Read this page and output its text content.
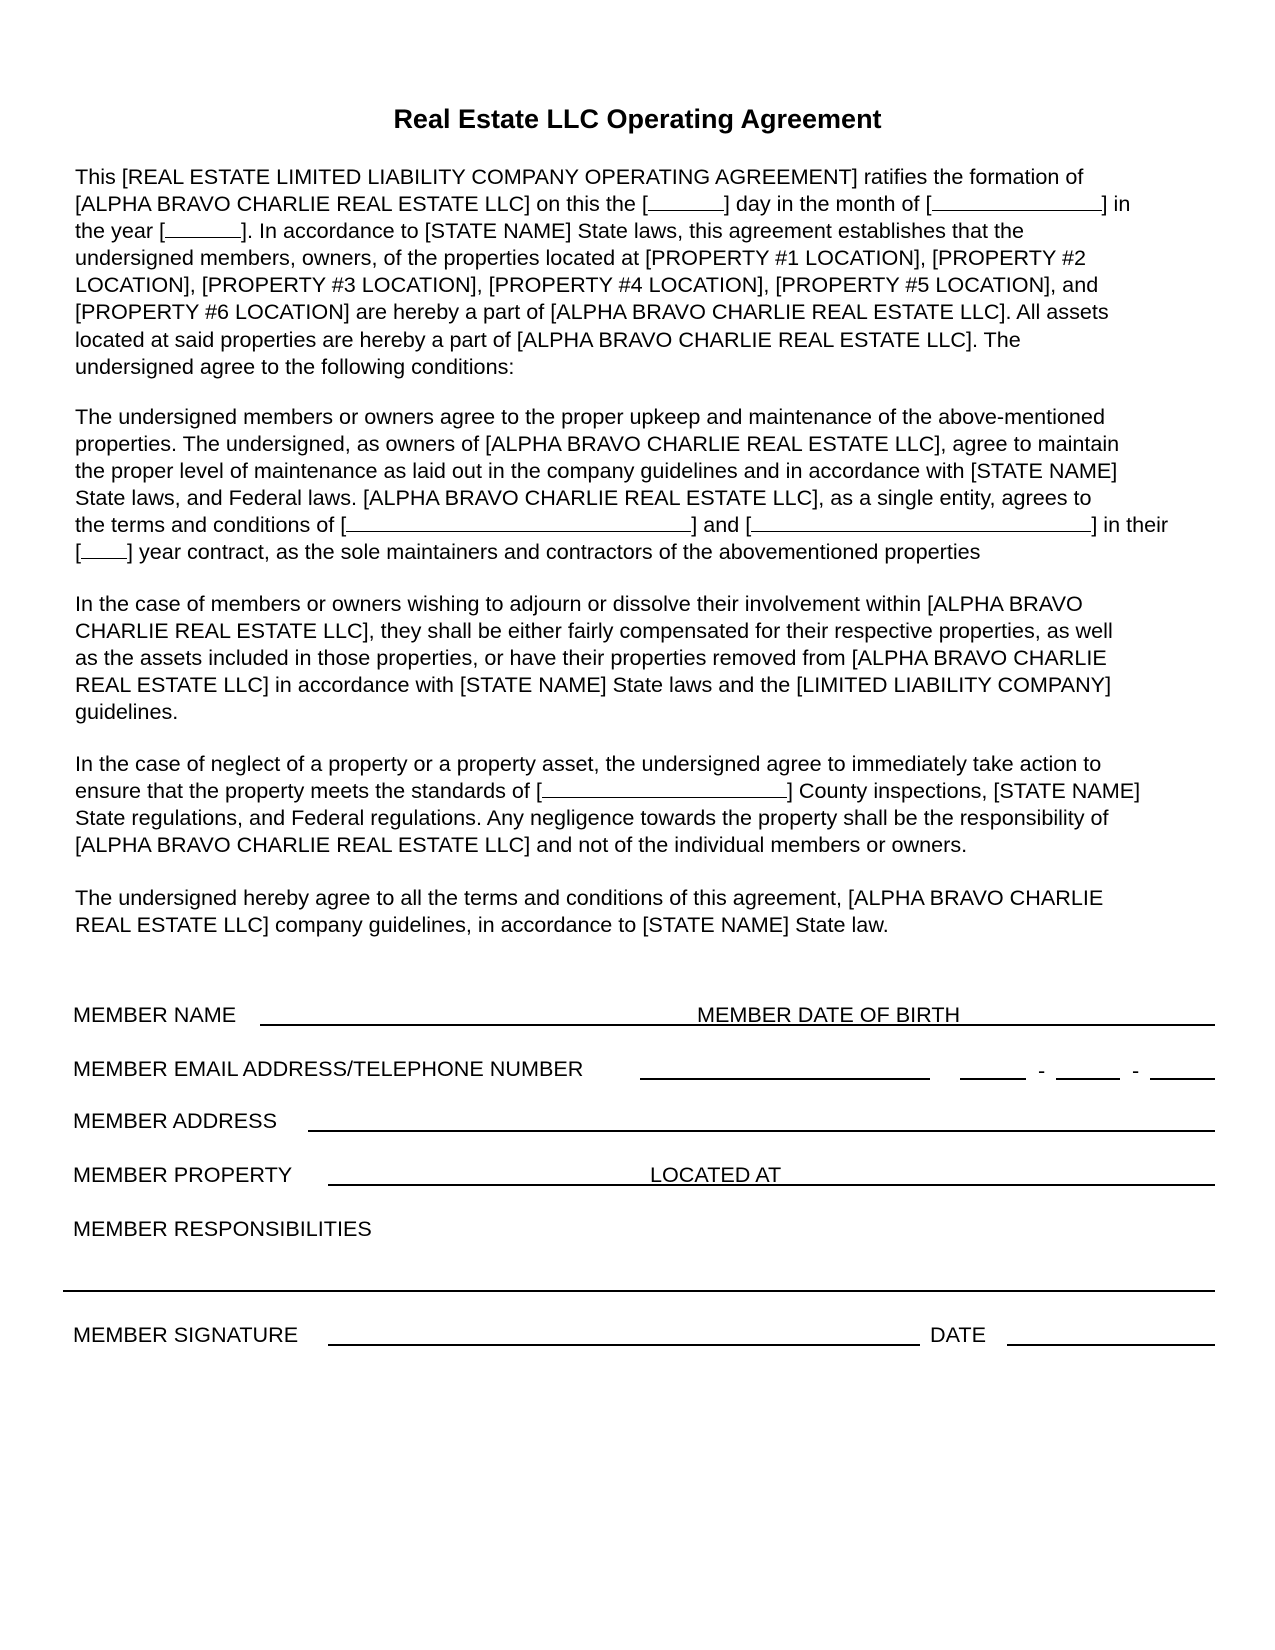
Real Estate LLC Operating Agreement
This [REAL ESTATE LIMITED LIABILITY COMPANY OPERATING AGREEMENT] ratifies the formation of
[ALPHA BRAVO CHARLIE REAL ESTATE LLC] on this the [	] day in the month of [	] in
the year [	]. In accordance to [STATE NAME] State laws, this agreement establishes that the
undersigned members, owners, of the properties located at [PROPERTY #1 LOCATION], [PROPERTY #2
LOCATION], [PROPERTY #3 LOCATION], [PROPERTY #4 LOCATION], [PROPERTY #5 LOCATION], and
[PROPERTY #6 LOCATION] are hereby a part of [ALPHA BRAVO CHARLIE REAL ESTATE LLC]. All assets
located at said properties are hereby a part of [ALPHA BRAVO CHARLIE REAL ESTATE LLC]. The
undersigned agree to the following conditions:
The undersigned members or owners agree to the proper upkeep and maintenance of the above-mentioned
properties. The undersigned, as owners of [ALPHA BRAVO CHARLIE REAL ESTATE LLC], agree to maintain
the proper level of maintenance as laid out in the company guidelines and in accordance with [STATE NAME]
State laws, and Federal laws. [ALPHA BRAVO CHARLIE REAL ESTATE LLC], as a single entity, agrees to
the terms and conditions of [	] and [	] in their
[ ] year contract, as the sole maintainers and contractors of the abovementioned properties
In the case of members or owners wishing to adjourn or dissolve their involvement within [ALPHA BRAVO
CHARLIE REAL ESTATE LLC], they shall be either fairly compensated for their respective properties, as well
as the assets included in those properties, or have their properties removed from [ALPHA BRAVO CHARLIE
REAL ESTATE LLC] in accordance with [STATE NAME] State laws and the [LIMITED LIABILITY COMPANY]
guidelines.
In the case of neglect of a property or a property asset, the undersigned agree to immediately take action to
ensure that the property meets the standards of [	] County inspections, [STATE NAME]
State regulations, and Federal regulations. Any negligence towards the property shall be the responsibility of
[ALPHA BRAVO CHARLIE REAL ESTATE LLC] and not of the individual members or owners.
The undersigned hereby agree to all the terms and conditions of this agreement, [ALPHA BRAVO CHARLIE
REAL ESTATE LLC] company guidelines, in accordance to [STATE NAME] State law.
MEMBER NAME	MEMBER DATE OF BIRTH
MEMBER EMAIL ADDRESS/TELEPHONE NUMBER	-	-
MEMBER ADDRESS
MEMBER PROPERTY	LOCATED AT
MEMBER RESPONSIBILITIES
MEMBER SIGNATURE	DATE
